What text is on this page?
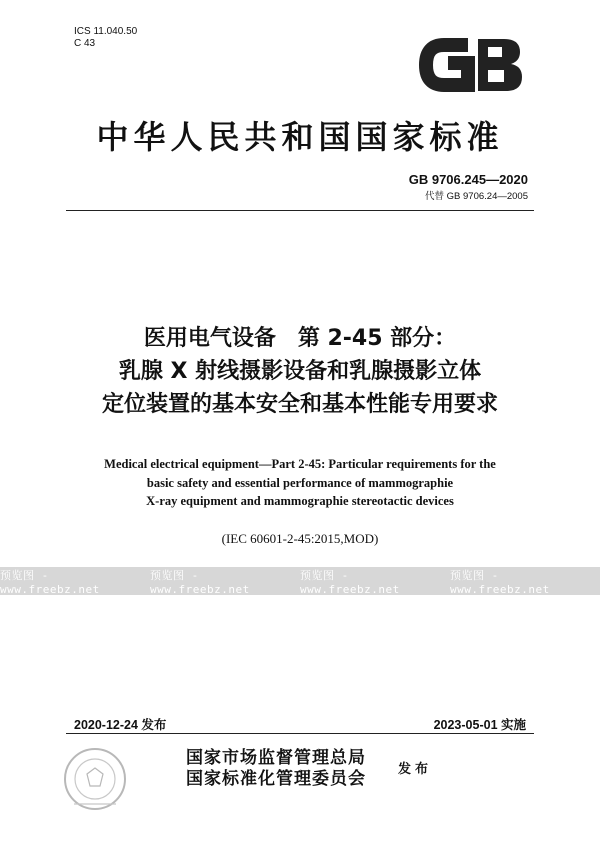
ICS 11.040.50
C 43
中华人民共和国国家标准
GB 9706.245—2020
代替 GB 9706.24—2005
医用电气设备　第 2-45 部分：
乳腺 X 射线摄影设备和乳腺摄影立体
定位装置的基本安全和基本性能专用要求
Medical electrical equipment—Part 2-45: Particular requirements for the
basic safety and essential performance of mammographie
X-ray equipment and mammographie stereotactic devices
(IEC 60601-2-45:2015,MOD)
预览图 - www.freebz.net
预览图 - www.freebz.net
预览图 - www.freebz.net
预览图 - www.freebz.net
2020-12-24 发布	2023-05-01 实施
国家市场监督管理总局
国家标准化管理委员会 发布
